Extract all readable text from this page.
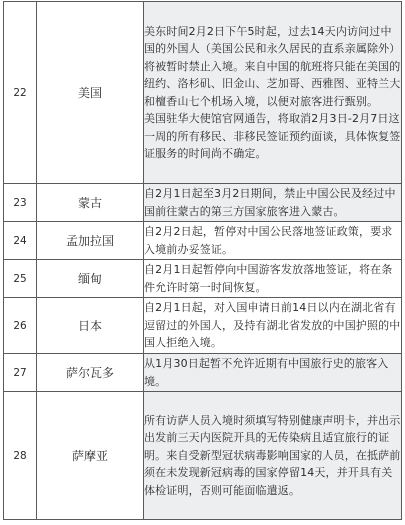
22	美国	美东时间2月2日下午5时起，过去14天内访问过中国的外国人（美国公民和永久居民的直系亲属除外）将被暂时禁止入境。来自中国的航班将只能在美国的纽约、洛杉矶、旧金山、芝加哥、西雅图、亚特兰大和檀香山七个机场入境，以便对旅客进行甄别。
美国驻华大使馆官网通告，将取消2月3日-2月7日这一周的所有移民、非移民签证预约面谈，具体恢复签证服务的时间尚不确定。

23	蒙古	自2月1日起至3月2日期间，禁止中国公民及经过中国前往蒙古的第三方国家旅客进入蒙古。

24	孟加拉国	自2月2日起，暂停对中国公民落地签证政策，要求入境前办妥签证。

25	缅甸	自2月1日起暂停向中国游客发放落地签证，将在条件允许时第一时间恢复。

26	日本	自2月1日起，对入国申请日前14日以内在湖北省有逗留过的外国人，及持有湖北省发放的中国护照的中国人拒绝入境。

27	萨尔瓦多	从1月30日起暂不允许近期有中国旅行史的旅客入境。

28	萨摩亚	所有访萨人员入境时须填写特别健康声明卡，并出示出发前三天内医院开具的无传染病且适宜旅行的证明。来自受新型冠状病毒影响国家的人员，在抵萨前须在未发现新冠病毒的国家停留14天，并开具有关体检证明，否则可能面临遣返。
